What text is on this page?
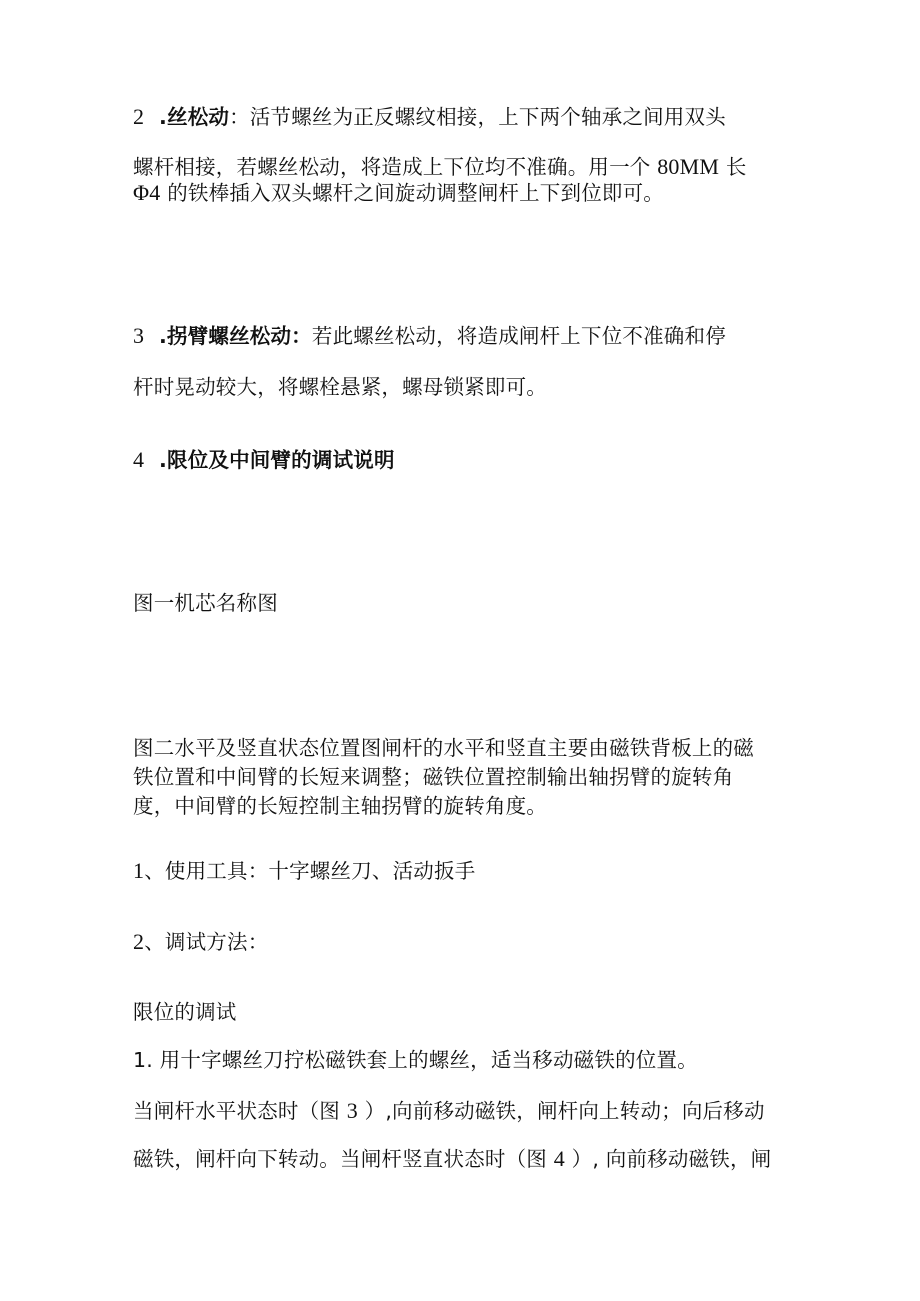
2 .丝松动：活节螺丝为正反螺纹相接，上下两个轴承之间用双头
螺杆相接，若螺丝松动，将造成上下位均不准确。用一个 80MM 长
Φ4 的铁棒插入双头螺杆之间旋动调整闸杆上下到位即可。
3 .拐臂螺丝松动：若此螺丝松动，将造成闸杆上下位不准确和停
杆时晃动较大，将螺栓悬紧，螺母锁紧即可。
4 .限位及中间臂的调试说明
图一机芯名称图
图二水平及竖直状态位置图闸杆的水平和竖直主要由磁铁背板上的磁
铁位置和中间臂的长短来调整；磁铁位置控制输出轴拐臂的旋转角
度，中间臂的长短控制主轴拐臂的旋转角度。
1、使用工具：十字螺丝刀、活动扳手
2、调试方法：
限位的调试
1. 用十字螺丝刀拧松磁铁套上的螺丝，适当移动磁铁的位置。
当闸杆水平状态时（图 3 ）,向前移动磁铁，闸杆向上转动；向后移动
磁铁，闸杆向下转动。当闸杆竖直状态时（图 4 ）, 向前移动磁铁，闸
